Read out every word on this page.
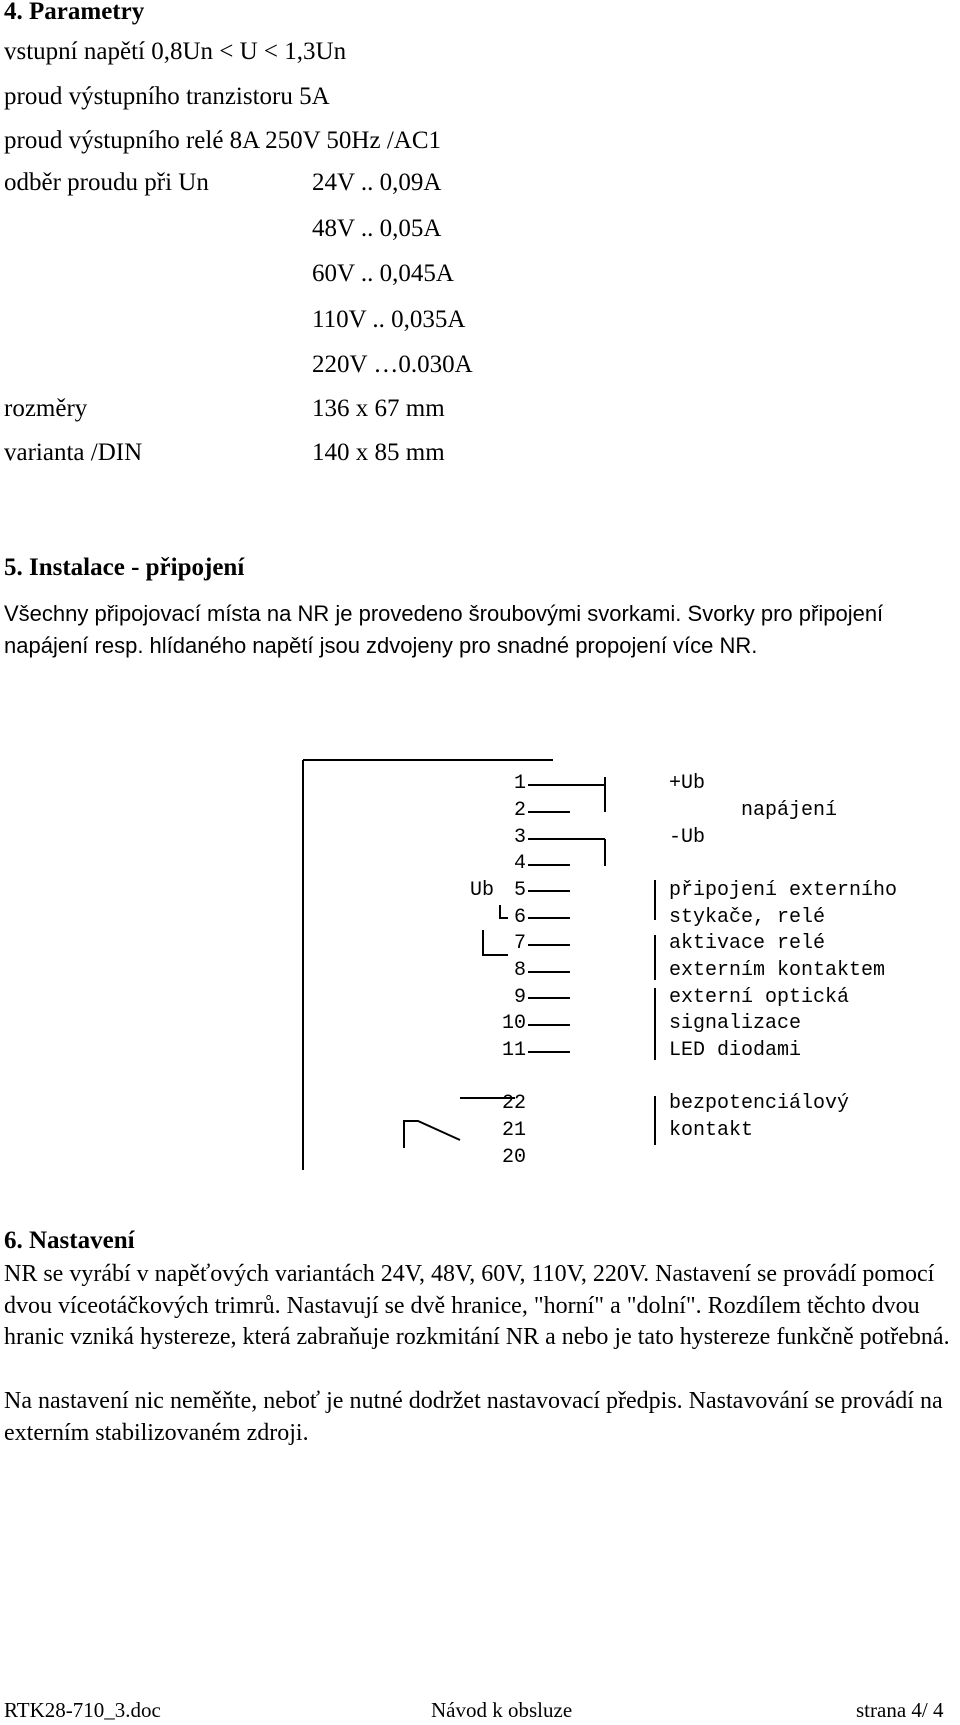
4. Parametry
vstupní napětí 0,8Un < U < 1,3Un
proud výstupního tranzistoru 5A
proud výstupního relé 8A 250V 50Hz /AC1
odběr proudu při Un	24V .. 0,09A
48V .. 0,05A
60V .. 0,045A
110V .. 0,035A
220V …0.030A
rozměry	136 x 67 mm
varianta /DIN	140 x 85 mm
5. Instalace - připojení
Všechny připojovací místa na NR je provedeno šroubovými svorkami. Svorky pro připojení napájení resp. hlídaného napětí jsou zdvojeny pro snadné propojení více NR.
1
2
3
4
Ub 5
6
7
8
9
10
11
22
21
20
+Ub
napájení
-Ub
připojení externího
stykače, relé
aktivace relé
externím kontaktem
externí optická
signalizace
LED diodami
bezpotenciálový
kontakt
6. Nastavení
NR se vyrábí v napěťových variantách 24V, 48V, 60V, 110V, 220V. Nastavení se provádí pomocí dvou víceotáčkových trimrů. Nastavují se dvě hranice, "horní" a "dolní". Rozdílem těchto dvou hranic vzniká hystereze, která zabraňuje rozkmitání NR a nebo je tato hystereze funkčně potřebná.
Na nastavení nic neměňte, neboť je nutné dodržet nastavovací předpis. Nastavování se provádí na externím stabilizovaném zdroji.
RTK28-710_3.doc	Návod k obsluze	strana 4/ 4
